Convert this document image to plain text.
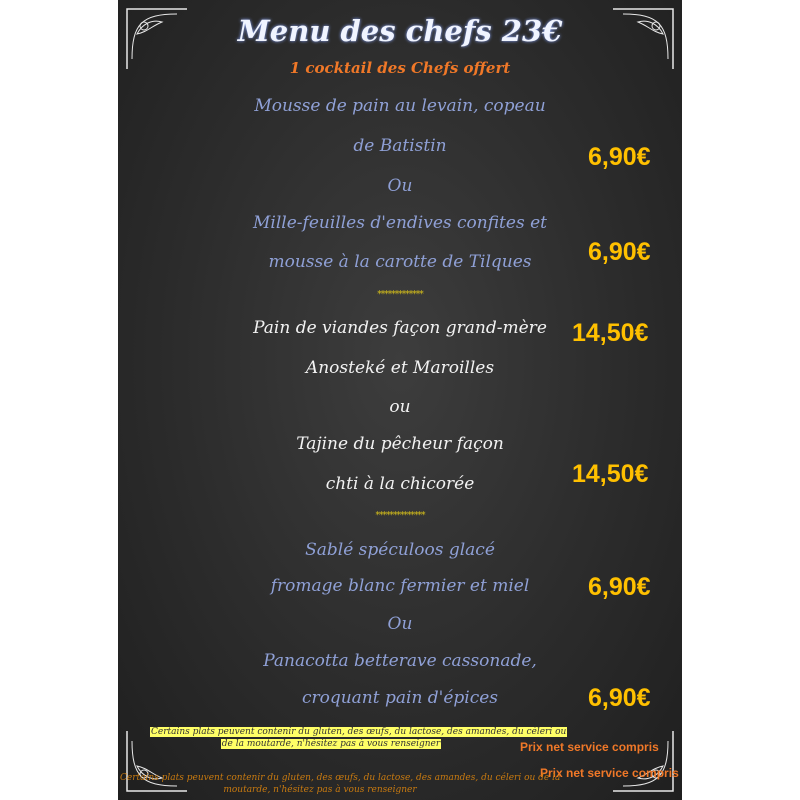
Menu des chefs 23€
1 cocktail des Chefs offert
Mousse de pain au levain, copeau
de Batistin	6,90€
Ou
Mille-feuilles d'endives confites et
mousse à la carotte de Tilques	6,90€
*************
Pain de viandes façon grand-mère
Anosteké et Maroilles
14,50€
ou
Tajine du pêcheur façon
chti à la chicorée	14,50€
**************
Sablé spéculoos glacé
fromage blanc fermier et miel	6,90€
Ou
Panacotta betterave cassonade,
croquant pain d'épices	6,90€
Certains plats peuvent contenir du gluten, des œufs, du lactose, des amandes, du céleri ou
de la moutarde, n'hésitez pas à vous renseigner	Prix net service compris
Prix net service compris
Certains plats peuvent contenir du gluten, des œufs, du lactose, des amandes, du céleri ou de la
moutarde, n'hésitez pas à vous renseigner
